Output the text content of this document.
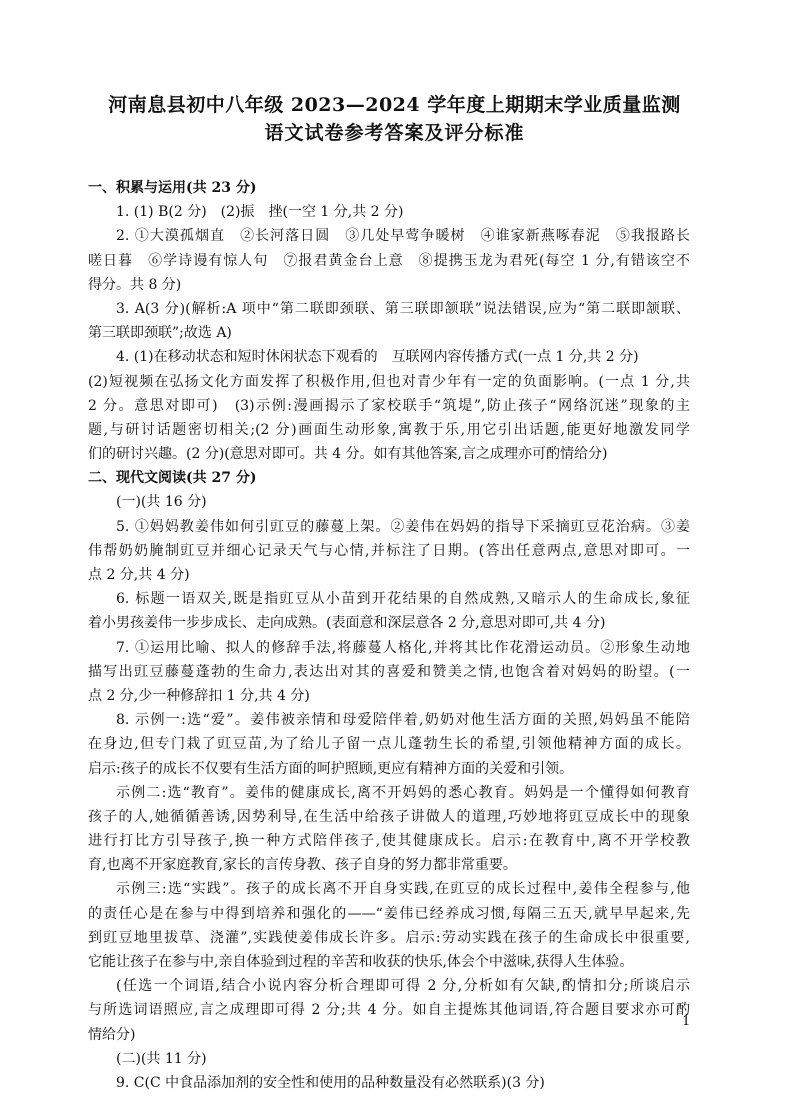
河南息县初中八年级 2023—2024 学年度上期期末学业质量监测
语文试卷参考答案及评分标准
一、积累与运用(共 23 分)
1. (1) B(2 分)　(2)振　挫(一空 1 分,共 2 分)
2. ①大漠孤烟直　②长河落日圆　③几处早莺争暖树　④谁家新燕啄春泥　⑤我报路长
嗟日暮　⑥学诗谩有惊人句　⑦报君黄金台上意　⑧提携玉龙为君死(每空 1 分,有错该空不
得分。共 8 分)
3. A(3 分)(解析:A 项中“第二联即颈联、第三联即颔联”说法错误,应为“第二联即颔联、
第三联即颈联”;故选 A)
4. (1)在移动状态和短时休闲状态下观看的　互联网内容传播方式(一点 1 分,共 2 分)
(2)短视频在弘扬文化方面发挥了积极作用,但也对青少年有一定的负面影响。(一点 1 分,共
2 分。意思对即可)　(3)示例:漫画揭示了家校联手“筑堤”,防止孩子“网络沉迷”现象的主
题,与研讨话题密切相关;(2 分)画面生动形象,寓教于乐,用它引出话题,能更好地激发同学
们的研讨兴趣。(2 分)(意思对即可。共 4 分。如有其他答案,言之成理亦可酌情给分)
二、现代文阅读(共 27 分)
(一)(共 16 分)
5. ①妈妈教姜伟如何引豇豆的藤蔓上架。②姜伟在妈妈的指导下采摘豇豆花治病。③姜
伟帮奶奶腌制豇豆并细心记录天气与心情,并标注了日期。(答出任意两点,意思对即可。一
点 2 分,共 4 分)
6. 标题一语双关,既是指豇豆从小苗到开花结果的自然成熟,又暗示人的生命成长,象征
着小男孩姜伟一步步成长、走向成熟。(表面意和深层意各 2 分,意思对即可,共 4 分)
7. ①运用比喻、拟人的修辞手法,将藤蔓人格化,并将其比作花滑运动员。②形象生动地
描写出豇豆藤蔓蓬勃的生命力,表达出对其的喜爱和赞美之情,也饱含着对妈妈的盼望。(一
点 2 分,少一种修辞扣 1 分,共 4 分)
8. 示例一:选“爱”。姜伟被亲情和母爱陪伴着,奶奶对他生活方面的关照,妈妈虽不能陪
在身边,但专门栽了豇豆苗,为了给儿子留一点儿蓬勃生长的希望,引领他精神方面的成长。
启示:孩子的成长不仅要有生活方面的呵护照顾,更应有精神方面的关爱和引领。
示例二:选“教育”。姜伟的健康成长,离不开妈妈的悉心教育。妈妈是一个懂得如何教育
孩子的人,她循循善诱,因势利导,在生活中给孩子讲做人的道理,巧妙地将豇豆成长中的现象
进行打比方引导孩子,换一种方式陪伴孩子,使其健康成长。启示:在教育中,离不开学校教
育,也离不开家庭教育,家长的言传身教、孩子自身的努力都非常重要。
示例三:选“实践”。孩子的成长离不开自身实践,在豇豆的成长过程中,姜伟全程参与,他
的责任心是在参与中得到培养和强化的——“姜伟已经养成习惯,每隔三五天,就早早起来,先
到豇豆地里拔草、浇灌”,实践使姜伟成长许多。启示:劳动实践在孩子的生命成长中很重要,
它能让孩子在参与中,亲自体验到过程的辛苦和收获的快乐,体会个中滋味,获得人生体验。
(任选一个词语,结合小说内容分析合理即可得 2 分,分析如有欠缺,酌情扣分;所谈启示
与所选词语照应,言之成理即可得 2 分;共 4 分。如自主提炼其他词语,符合题目要求亦可酌
情给分)
(二)(共 11 分)
9. C(C 中食品添加剂的安全性和使用的品种数量没有必然联系)(3 分)
1
